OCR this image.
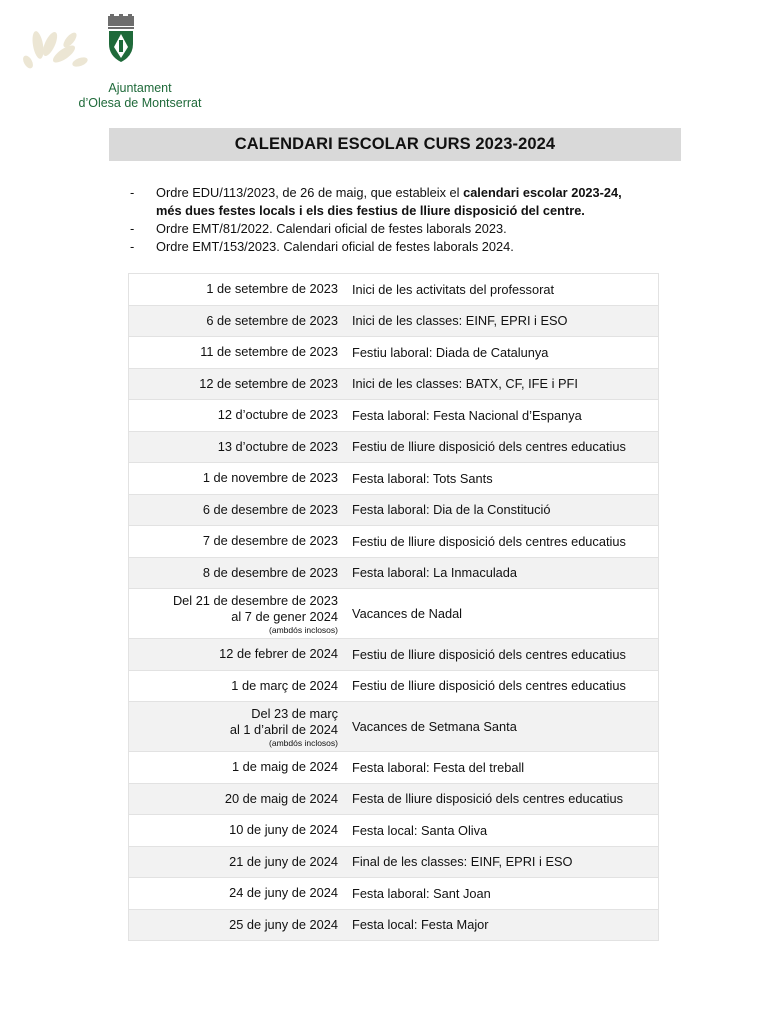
Ajuntament
d’Olesa de Montserrat
CALENDARI ESCOLAR CURS 2023-2024
- Ordre EDU/113/2023, de 26 de maig, que estableix el calendari escolar 2023-24,
més dues festes locals i els dies festius de lliure disposició del centre.
- Ordre EMT/81/2022. Calendari oficial de festes laborals 2023.
- Ordre EMT/153/2023. Calendari oficial de festes laborals 2024.
1 de setembre de 2023	Inici de les activitats del professorat
6 de setembre de 2023	Inici de les classes: EINF, EPRI i ESO
11 de setembre de 2023	Festiu laboral: Diada de Catalunya
12 de setembre de 2023	Inici de les classes: BATX, CF, IFE i PFI
12 d’octubre de 2023	Festa laboral: Festa Nacional d’Espanya
13 d’octubre de 2023	Festiu de lliure disposició dels centres educatius
1 de novembre de 2023	Festa laboral: Tots Sants
6 de desembre de 2023	Festa laboral: Dia de la Constitució
7 de desembre de 2023	Festiu de lliure disposició dels centres educatius
8 de desembre de 2023	Festa laboral: La Inmaculada

Del 21 de desembre de 2023
al 7 de gener 2024
(ambdós inclosos)	Vacances de Nadal
12 de febrer de 2024	Festiu de lliure disposició dels centres educatius
1 de març de 2024	Festiu de lliure disposició dels centres educatius

Del 23 de març
al 1 d’abril de 2024
(ambdós inclosos)	Vacances de Setmana Santa
1 de maig de 2024	Festa laboral: Festa del treball
20 de maig de 2024	Festa de lliure disposició dels centres educatius
10 de juny de 2024	Festa local: Santa Oliva
21 de juny de 2024	Final de les classes: EINF, EPRI i ESO
24 de juny de 2024	Festa laboral: Sant Joan
25 de juny de 2024	Festa local: Festa Major
